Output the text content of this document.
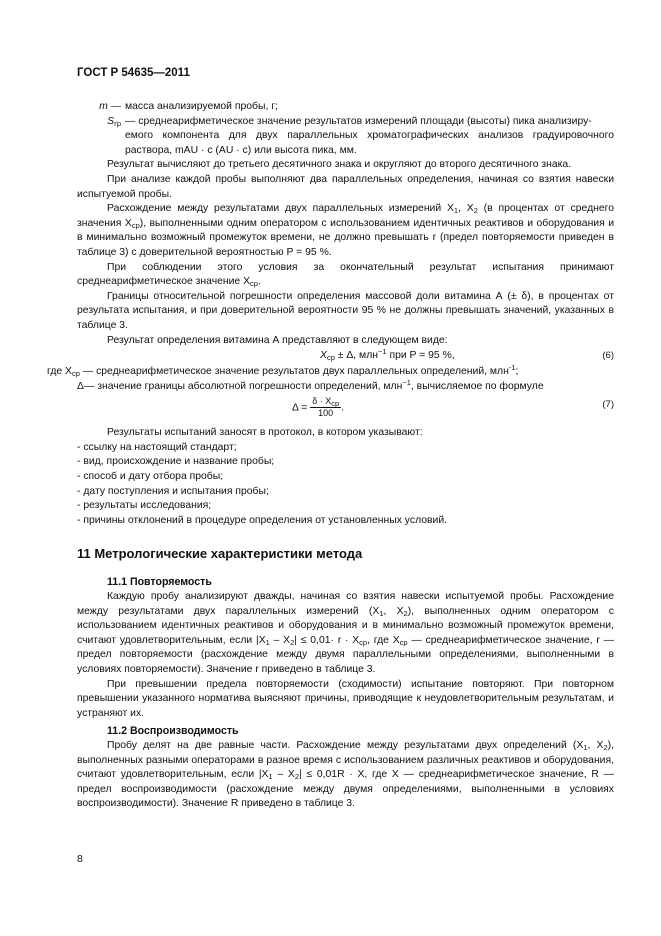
ГОСТ Р 54635—2011
m — масса анализируемой пробы, г;
$S_{гр}$ — среднеарифметическое значение результатов измерений площади (высоты) пика анализиру-

емого компонента для двух параллельных хроматографических анализов градуировочного раствора, mAU · с (AU · с) или высота пика, мм.

Результат вычисляют до третьего десятичного знака и округляют до второго десятичного знака.

При анализе каждой пробы выполняют два параллельных определения, начиная со взятия навески испытуемой пробы.

Расхождение между результатами двух параллельных измерений $X_1$, $X_2$ (в процентах от среднего значения $X_{ср}$), выполненными одним оператором с использованием идентичных реактивов и оборудования и в минимально возможный промежуток времени, не должно превышать r (предел повторяемости приведен в таблице 3) с доверительной вероятностью P = 95 %.

При соблюдении этого условия за окончательный результат испытания принимают среднеарифметическое значение $X_{ср}$.

Границы относительной погрешности определения массовой доли витамина А (± δ), в процентах от результата испытания, и при доверительной вероятности 95 % не должны превышать значений, указанных в таблице 3.

Результат определения витамина А представляют в следующем виде:

$X_{ср} \pm \Delta$, млн$^{-1}$ при P = 95 %,	(6)

где $X_{ср}$ — среднеарифметическое значение результатов двух параллельных определений, млн$^{-1}$;

Δ— значение границы абсолютной погрешности определений, млн$^{-1}$, вычисляемое по формуле

$\Delta = \frac{\delta \cdot X_{ср}}{100}$ .	(7)

Результаты испытаний заносят в протокол, в котором указывают:

- ссылку на настоящий стандарт;

- вид, происхождение и название пробы;

- способ и дату отбора пробы;

- дату поступления и испытания пробы;

- результаты исследования;

- причины отклонений в процедуре определения от установленных условий.

11 Метрологические характеристики метода
11.1 Повторяемость

Каждую пробу анализируют дважды, начиная со взятия навески испытуемой пробы. Расхождение между результатами двух параллельных измерений ($X_1$, $X_2$), выполненных одним оператором с использованием идентичных реактивов и оборудования и в минимально возможный промежуток времени, считают удовлетворительным, если $|X_1 - X_2| \le 0,01\cdot r \cdot X_{ср}$, где $X_{ср}$ — среднеарифметическое значение, r — предел повторяемости (расхождение между двумя параллельными определениями, выполненными в условиях повторяемости). Значение r приведено в таблице 3.

При превышении предела повторяемости (сходимости) испытание повторяют. При повторном превышении указанного норматива выясняют причины, приводящие к неудовлетворительным результатам, и устраняют их.

11.2 Воспроизводимость

Пробу делят на две равные части. Расхождение между результатами двух определений ($X_1$, $X_2$), выполненных разными операторами в разное время с использованием различных реактивов и оборудования, считают удовлетворительным, если $|X_1 - X_2| \le 0,01R \cdot X$, где X — среднеарифметическое значение, R — предел воспроизводимости (расхождение между двумя определениями, выполненными в условиях воспроизводимости). Значение R приведено в таблице 3.

8
